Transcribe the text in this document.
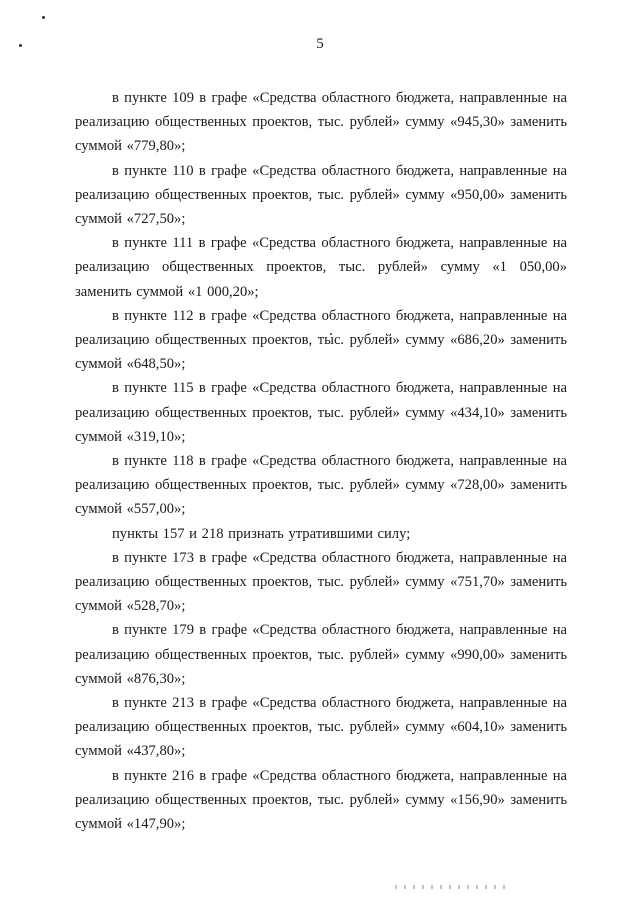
5

в пункте 109 в графе «Средства областного бюджета, направленные на реализацию общественных проектов, тыс. рублей» сумму «945,30» заменить суммой «779,80»;

в пункте 110 в графе «Средства областного бюджета, направленные на реализацию общественных проектов, тыс. рублей» сумму «950,00» заменить суммой «727,50»;

в пункте 111 в графе «Средства областного бюджета, направленные на реализацию общественных проектов, тыс. рублей» сумму «1 050,00» заменить суммой «1 000,20»;

в пункте 112 в графе «Средства областного бюджета, направленные на реализацию общественных проектов, тыс. рублей» сумму «686,20» заменить суммой «648,50»;

в пункте 115 в графе «Средства областного бюджета, направленные на реализацию общественных проектов, тыс. рублей» сумму «434,10» заменить суммой «319,10»;

в пункте 118 в графе «Средства областного бюджета, направленные на реализацию общественных проектов, тыс. рублей» сумму «728,00» заменить суммой «557,00»;

пункты 157 и 218 признать утратившими силу;

в пункте 173 в графе «Средства областного бюджета, направленные на реализацию общественных проектов, тыс. рублей» сумму «751,70» заменить суммой «528,70»;

в пункте 179 в графе «Средства областного бюджета, направленные на реализацию общественных проектов, тыс. рублей» сумму «990,00» заменить суммой «876,30»;

в пункте 213 в графе «Средства областного бюджета, направленные на реализацию общественных проектов, тыс. рублей» сумму «604,10» заменить суммой «437,80»;

в пункте 216 в графе «Средства областного бюджета, направленные на реализацию общественных проектов, тыс. рублей» сумму «156,90» заменить суммой «147,90»;
